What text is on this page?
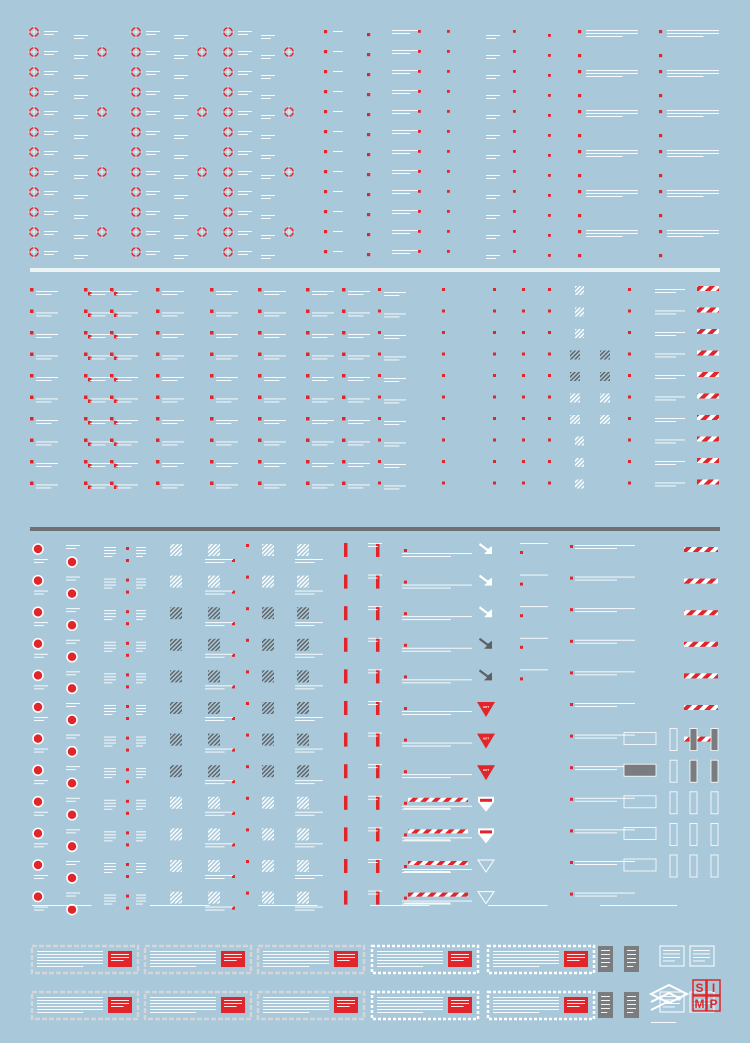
HOT
HOT
HOT
S I
M P
